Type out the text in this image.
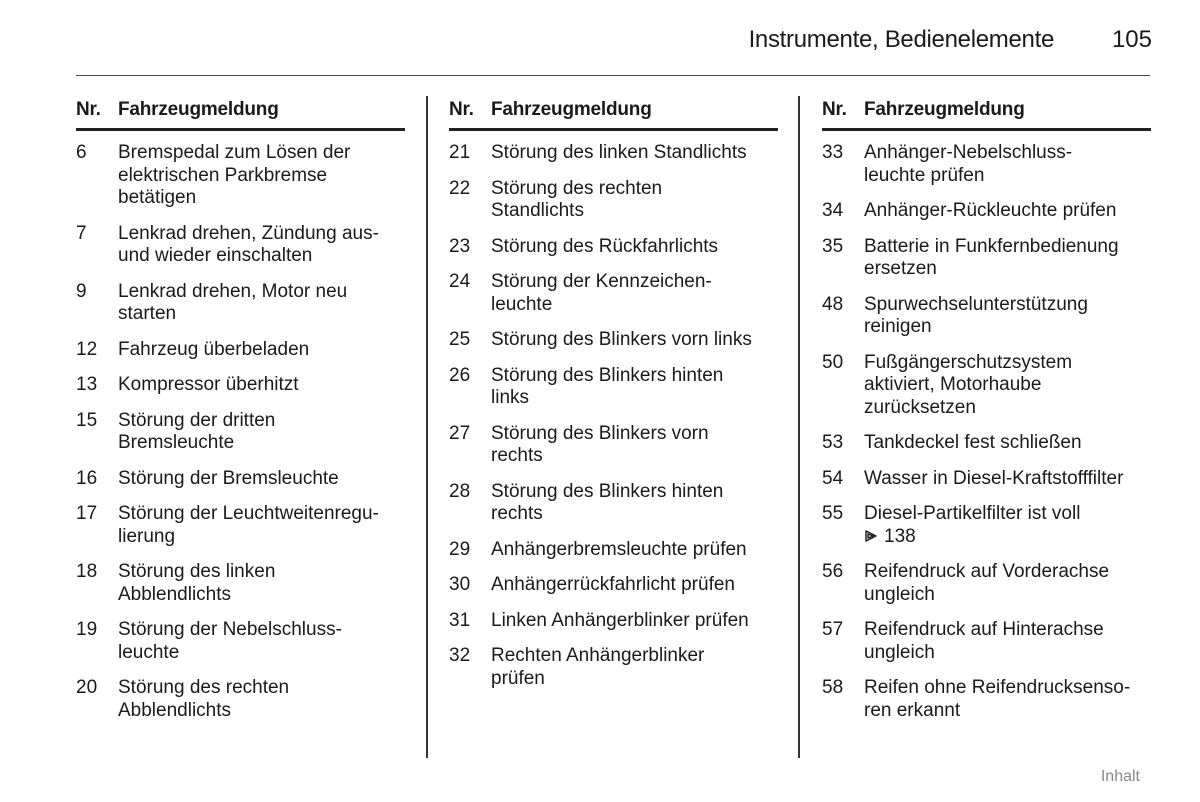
Instrumente, Bedienelemente 105
Nr. Fahrzeugmeldung
6	Bremspedal zum Lösen der
elektrischen Parkbremse
betätigen
7	Lenkrad drehen, Zündung aus-
und wieder einschalten
9	Lenkrad drehen, Motor neu
starten
12	Fahrzeug überbeladen
13	Kompressor überhitzt
15	Störung der dritten
Bremsleuchte
16	Störung der Bremsleuchte
17	Störung der Leuchtweitenregu-
lierung
18	Störung des linken
Abblendlichts
19	Störung der Nebelschluss-
leuchte
20	Störung des rechten
Abblendlichts
Nr. Fahrzeugmeldung
21	Störung des linken Standlichts
22	Störung des rechten
Standlichts
23	Störung des Rückfahrlichts
24	Störung der Kennzeichen-
leuchte
25	Störung des Blinkers vorn links
26	Störung des Blinkers hinten
links
27	Störung des Blinkers vorn
rechts
28	Störung des Blinkers hinten
rechts
29	Anhängerbremsleuchte prüfen
30	Anhängerrückfahrlicht prüfen
31	Linken Anhängerblinker prüfen
32	Rechten Anhängerblinker
prüfen
Nr. Fahrzeugmeldung
33	Anhänger-Nebelschluss-
leuchte prüfen
34	Anhänger-Rückleuchte prüfen
35	Batterie in Funkfernbedienung
ersetzen
48	Spurwechselunterstützung
reinigen
50	Fußgängerschutzsystem
aktiviert, Motorhaube
zurücksetzen
53	Tankdeckel fest schließen
54	Wasser in Diesel-Kraftstofffilter
55	Diesel-Partikelfilter ist voll
138
56	Reifendruck auf Vorderachse
ungleich
57	Reifendruck auf Hinterachse
ungleich
58	Reifen ohne Reifendrucksenso-
ren erkannt
Inhalt
